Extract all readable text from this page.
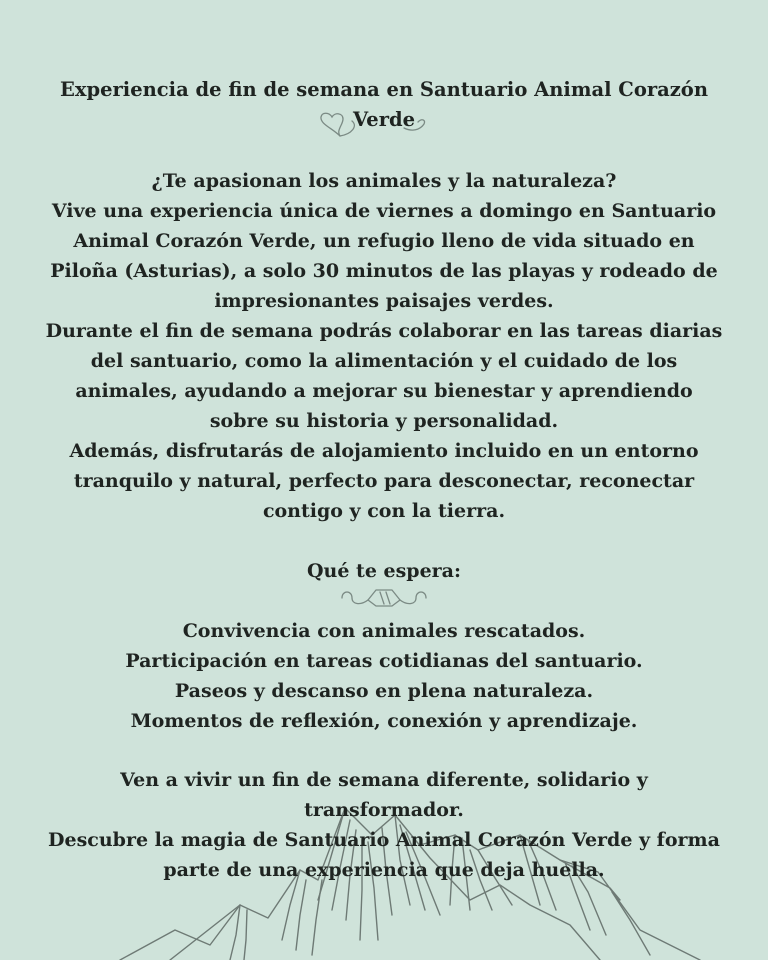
Experiencia de fin de semana en Santuario Animal Corazón
Verde
¿Te apasionan los animales y la naturaleza?
Vive una experiencia única de viernes a domingo en Santuario
Animal Corazón Verde, un refugio lleno de vida situado en
Piloña (Asturias), a solo 30 minutos de las playas y rodeado de
impresionantes paisajes verdes.
Durante el fin de semana podrás colaborar en las tareas diarias
del santuario, como la alimentación y el cuidado de los
animales, ayudando a mejorar su bienestar y aprendiendo
sobre su historia y personalidad.
Además, disfrutarás de alojamiento incluido en un entorno
tranquilo y natural, perfecto para desconectar, reconectar
contigo y con la tierra.
Qué te espera:
Convivencia con animales rescatados.
Participación en tareas cotidianas del santuario.
Paseos y descanso en plena naturaleza.
Momentos de reflexión, conexión y aprendizaje.
Ven a vivir un fin de semana diferente, solidario y
transformador.
Descubre la magia de Santuario Animal Corazón Verde y forma
parte de una experiencia que deja huella.
